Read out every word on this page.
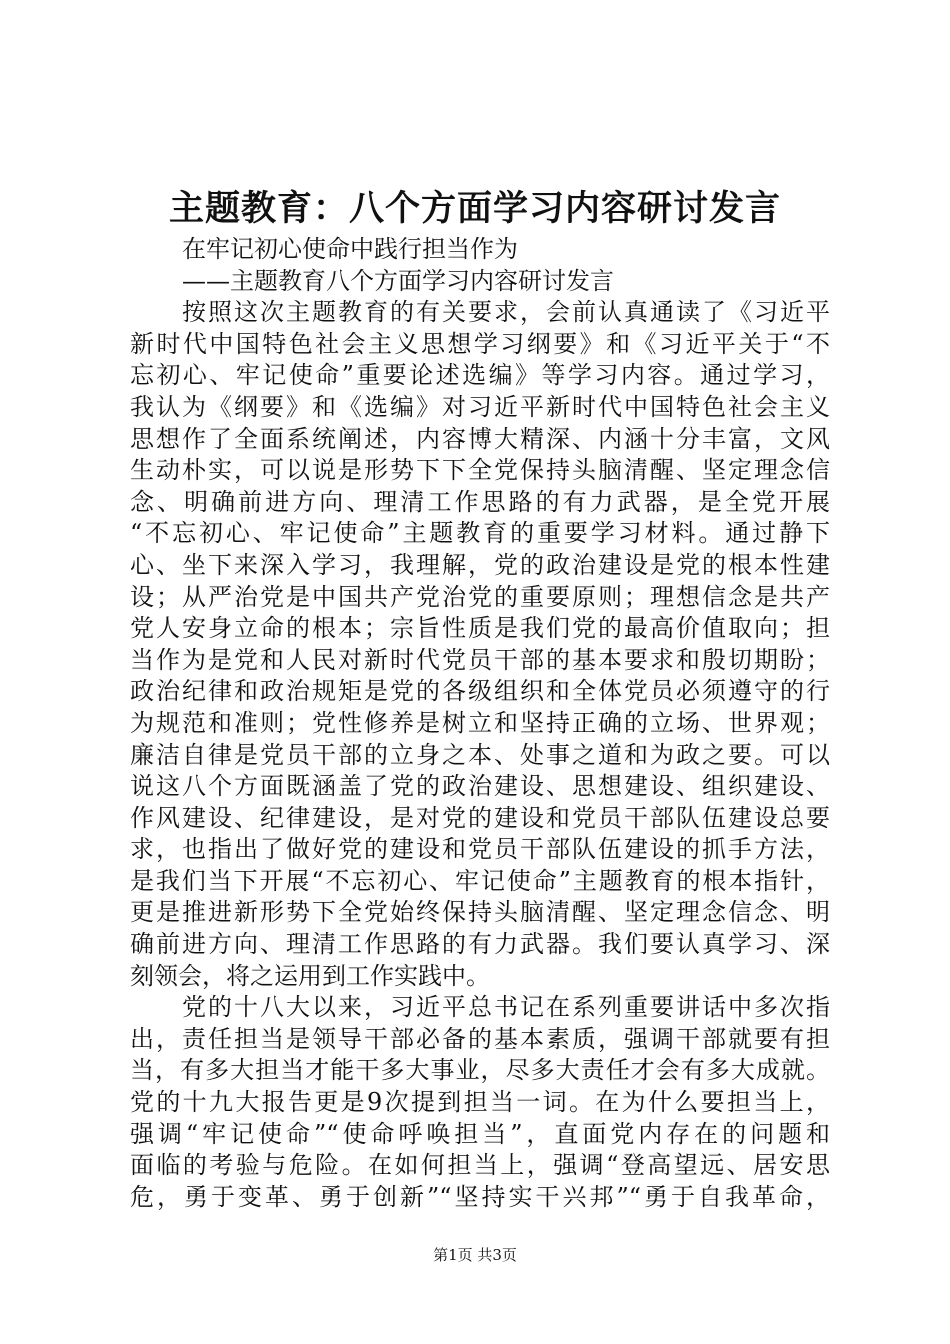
主题教育：八个方面学习内容研讨发言
在牢记初心使命中践行担当作为
——主题教育八个方面学习内容研讨发言
按照这次主题教育的有关要求，会前认真通读了《习近平
新时代中国特色社会主义思想学习纲要》和《习近平关于“不
忘初心、牢记使命”重要论述选编》等学习内容。通过学习，
我认为《纲要》和《选编》对习近平新时代中国特色社会主义
思想作了全面系统阐述，内容博大精深、内涵十分丰富，文风
生动朴实，可以说是形势下下全党保持头脑清醒、坚定理念信
念、明确前进方向、理清工作思路的有力武器，是全党开展
“不忘初心、牢记使命”主题教育的重要学习材料。通过静下
心、坐下来深入学习，我理解，党的政治建设是党的根本性建
设；从严治党是中国共产党治党的重要原则；理想信念是共产
党人安身立命的根本；宗旨性质是我们党的最高价值取向；担
当作为是党和人民对新时代党员干部的基本要求和殷切期盼；
政治纪律和政治规矩是党的各级组织和全体党员必须遵守的行
为规范和准则；党性修养是树立和坚持正确的立场、世界观；
廉洁自律是党员干部的立身之本、处事之道和为政之要。可以
说这八个方面既涵盖了党的政治建设、思想建设、组织建设、
作风建设、纪律建设，是对党的建设和党员干部队伍建设总要
求，也指出了做好党的建设和党员干部队伍建设的抓手方法，
是我们当下开展“不忘初心、牢记使命”主题教育的根本指针，
更是推进新形势下全党始终保持头脑清醒、坚定理念信念、明
确前进方向、理清工作思路的有力武器。我们要认真学习、深
刻领会，将之运用到工作实践中。
党的十八大以来，习近平总书记在系列重要讲话中多次指
出，责任担当是领导干部必备的基本素质，强调干部就要有担
当，有多大担当才能干多大事业，尽多大责任才会有多大成就。
党的十九大报告更是9次提到担当一词。在为什么要担当上，
强调“牢记使命”“使命呼唤担当”，直面党内存在的问题和
面临的考验与危险。在如何担当上，强调“登高望远、居安思
危，勇于变革、勇于创新”“坚持实干兴邦”“勇于自我革命，
第1页 共3页
